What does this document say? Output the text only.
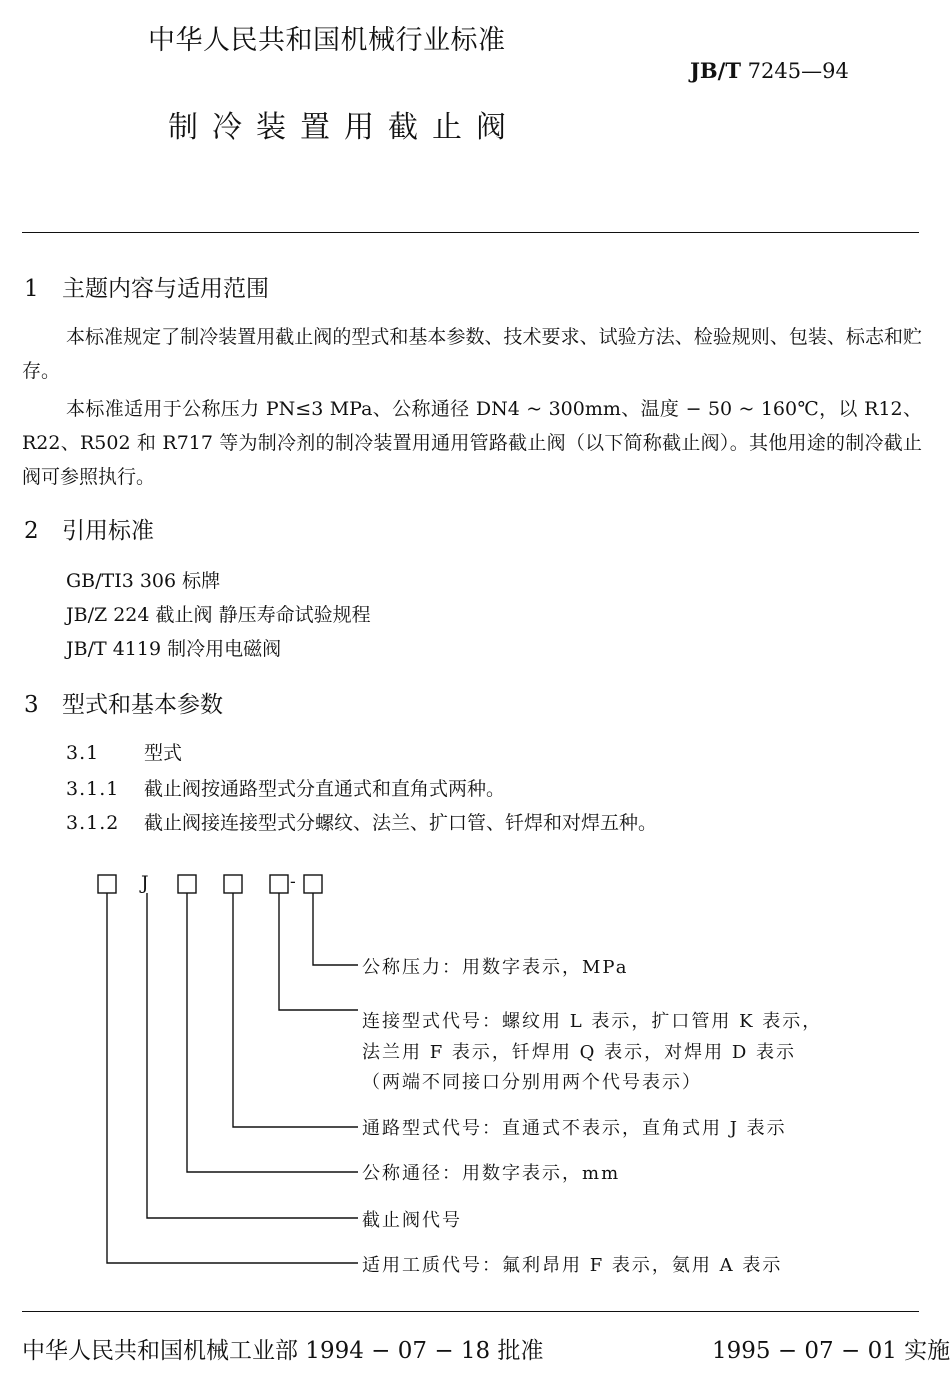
中华人民共和国机械行业标准
JB/T 7245—94
制冷装置用截止阀
1 主题内容与适用范围
本标准规定了制冷装置用截止阀的型式和基本参数、技术要求、试验方法、检验规则、包装、标志和贮存。
本标准适用于公称压力 PN≤3 MPa、公称通径 DN4 ~ 300mm、温度 − 50 ~ 160℃，以 R12、R22、R502 和 R717 等为制冷剂的制冷装置用通用管路截止阀（以下简称截止阀）。其他用途的制冷截止阀可参照执行。
2 引用标准
GB/TI3 306 标牌
JB/Z 224 截止阀 静压寿命试验规程
JB/T 4119 制冷用电磁阀
3 型式和基本参数
3.1 型式
3.1.1 截止阀按通路型式分直通式和直角式两种。
3.1.2 截止阀接连接型式分螺纹、法兰、扩口管、钎焊和对焊五种。
J	-
公称压力：用数字表示，MPa
连接型式代号：螺纹用 L 表示，扩口管用 K 表示，
法兰用 F 表示，钎焊用 Q 表示，对焊用 D 表示
（两端不同接口分别用两个代号表示）
通路型式代号：直通式不表示，直角式用 J 表示
公称通径：用数字表示，mm
截止阀代号
适用工质代号：氟利昂用 F 表示，氨用 A 表示
中华人民共和国机械工业部 1994 − 07 − 18 批准	1995 − 07 − 01 实施
